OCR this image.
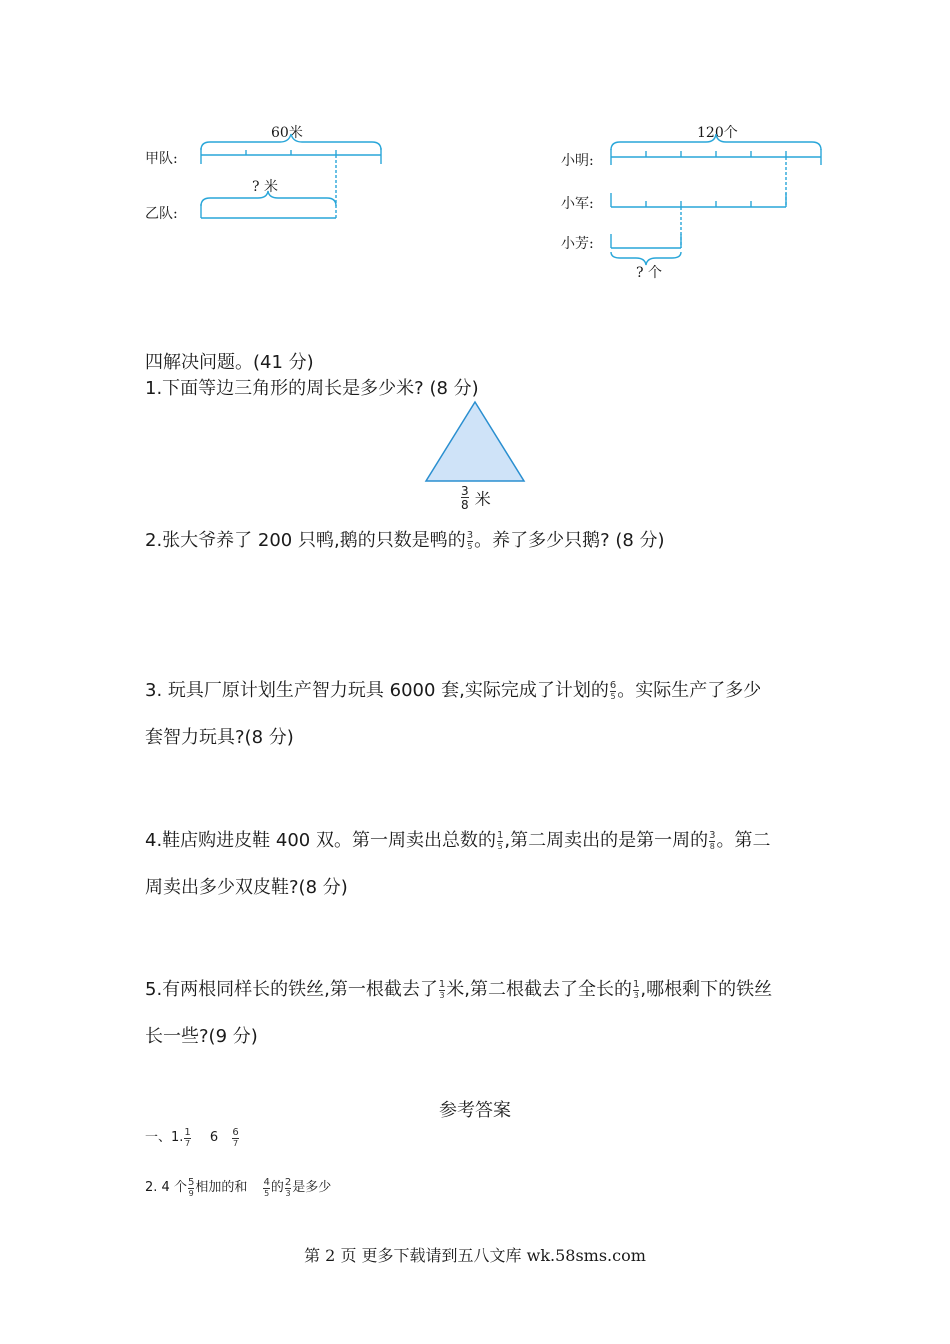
60米
甲队:
? 米
乙队:
120个
小明:
小军:
小芳:
? 个
四解决问题。(41 分)
1.下面等边三角形的周长是多少米? (8 分)
$\frac{3}{8}$ 米
2.张大爷养了 200 只鸭,鹅的只数是鸭的 $\frac{3}{5}$ 。养了多少只鹅? (8 分)
3. 玩具厂原计划生产智力玩具 6000 套,实际完成了计划的 $\frac{6}{5}$ 。实际生产了多少
套智力玩具?(8 分)
4.鞋店购进皮鞋 400 双。第一周卖出总数的 $\frac{1}{5}$ ,第二周卖出的是第一周的 $\frac{3}{8}$ 。第二
周卖出多少双皮鞋?(8 分)
5.有两根同样长的铁丝,第一根截去了 $\frac{1}{3}$ 米,第二根截去了全长的 $\frac{1}{3}$ ,哪根剩下的铁丝
长一些?(9 分)
参考答案
一、1. $\frac{1}{7} 6 \frac{6}{7}$
2. 4 个 $\frac{5}{9}$ 相加的和 $\frac{4}{5}$ 的 $\frac{2}{3}$ 是多少
第 2 页 更多下载请到五八文库 wk.58sms.com
